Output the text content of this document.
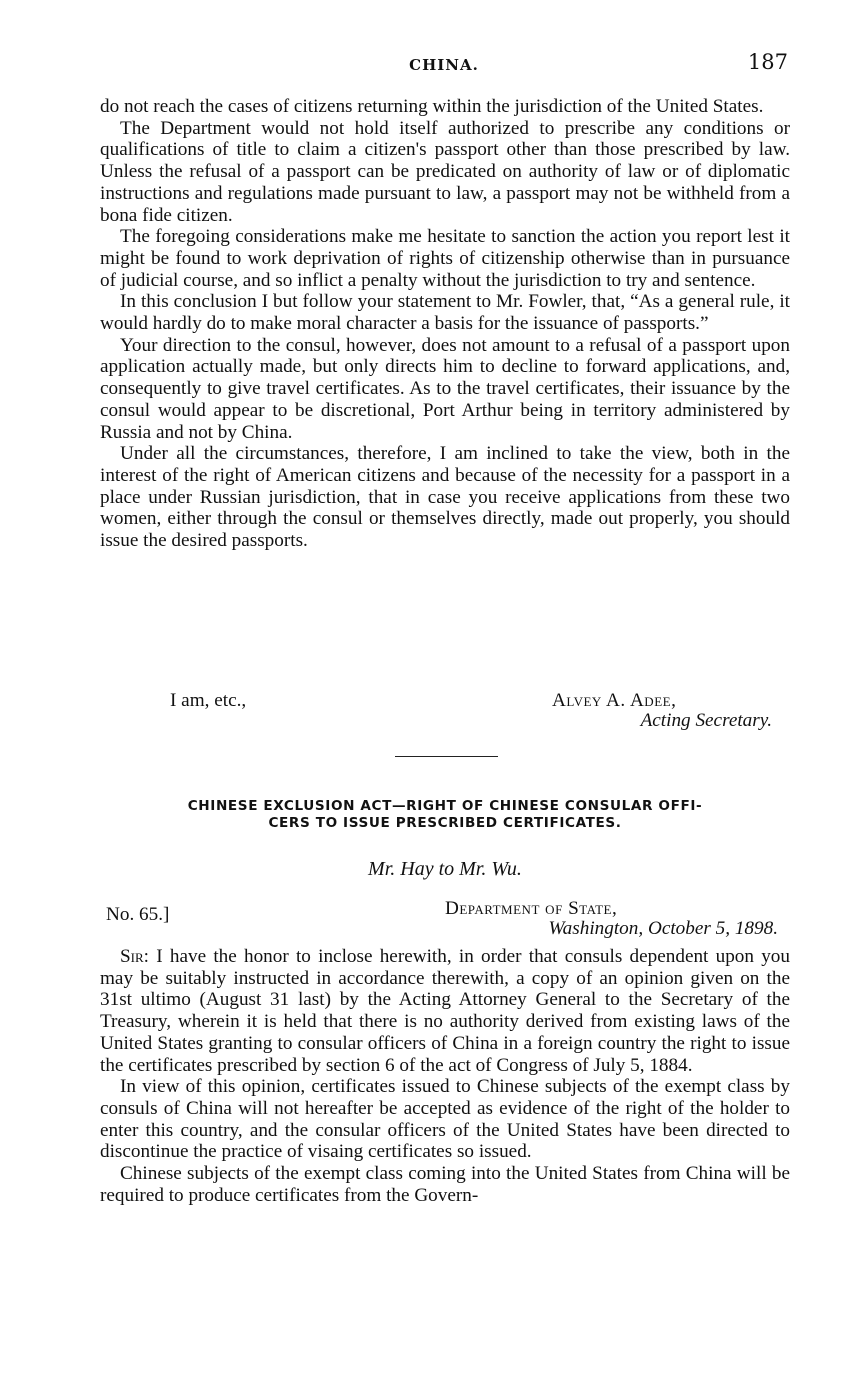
CHINA.	187

do not reach the cases of citizens returning within the jurisdiction of the United States.

The Department would not hold itself authorized to prescribe any conditions or qualifications of title to claim a citizen's passport other than those prescribed by law. Unless the refusal of a passport can be predicated on authority of law or of diplomatic instructions and regulations made pursuant to law, a passport may not be withheld from a bona fide citizen.

The foregoing considerations make me hesitate to sanction the action you report lest it might be found to work deprivation of rights of citizenship otherwise than in pursuance of judicial course, and so inflict a penalty without the jurisdiction to try and sentence.

In this conclusion I but follow your statement to Mr. Fowler, that, “As a general rule, it would hardly do to make moral character a basis for the issuance of passports.”

Your direction to the consul, however, does not amount to a refusal of a passport upon application actually made, but only directs him to decline to forward applications, and, consequently to give travel certificates. As to the travel certificates, their issuance by the consul would appear to be discretional, Port Arthur being in territory administered by Russia and not by China.

Under all the circumstances, therefore, I am inclined to take the view, both in the interest of the right of American citizens and because of the necessity for a passport in a place under Russian jurisdiction, that in case you receive applications from these two women, either through the consul or themselves directly, made out properly, you should issue the desired passports.

I am, etc.,	Alvey A. Adee,
Acting Secretary.
CHINESE EXCLUSION ACT—RIGHT OF CHINESE CONSULAR OFFI-
CERS TO ISSUE PRESCRIBED CERTIFICATES.
Mr. Hay to Mr. Wu.
No. 65.]	Department of State,
Washington, October 5, 1898.

Sir: I have the honor to inclose herewith, in order that consuls dependent upon you may be suitably instructed in accordance therewith, a copy of an opinion given on the 31st ultimo (August 31 last) by the Acting Attorney General to the Secretary of the Treasury, wherein it is held that there is no authority derived from existing laws of the United States granting to consular officers of China in a foreign country the right to issue the certificates prescribed by section 6 of the act of Congress of July 5, 1884.

In view of this opinion, certificates issued to Chinese subjects of the exempt class by consuls of China will not hereafter be accepted as evidence of the right of the holder to enter this country, and the consular officers of the United States have been directed to discontinue the practice of visaing certificates so issued.

Chinese subjects of the exempt class coming into the United States from China will be required to produce certificates from the Govern-
